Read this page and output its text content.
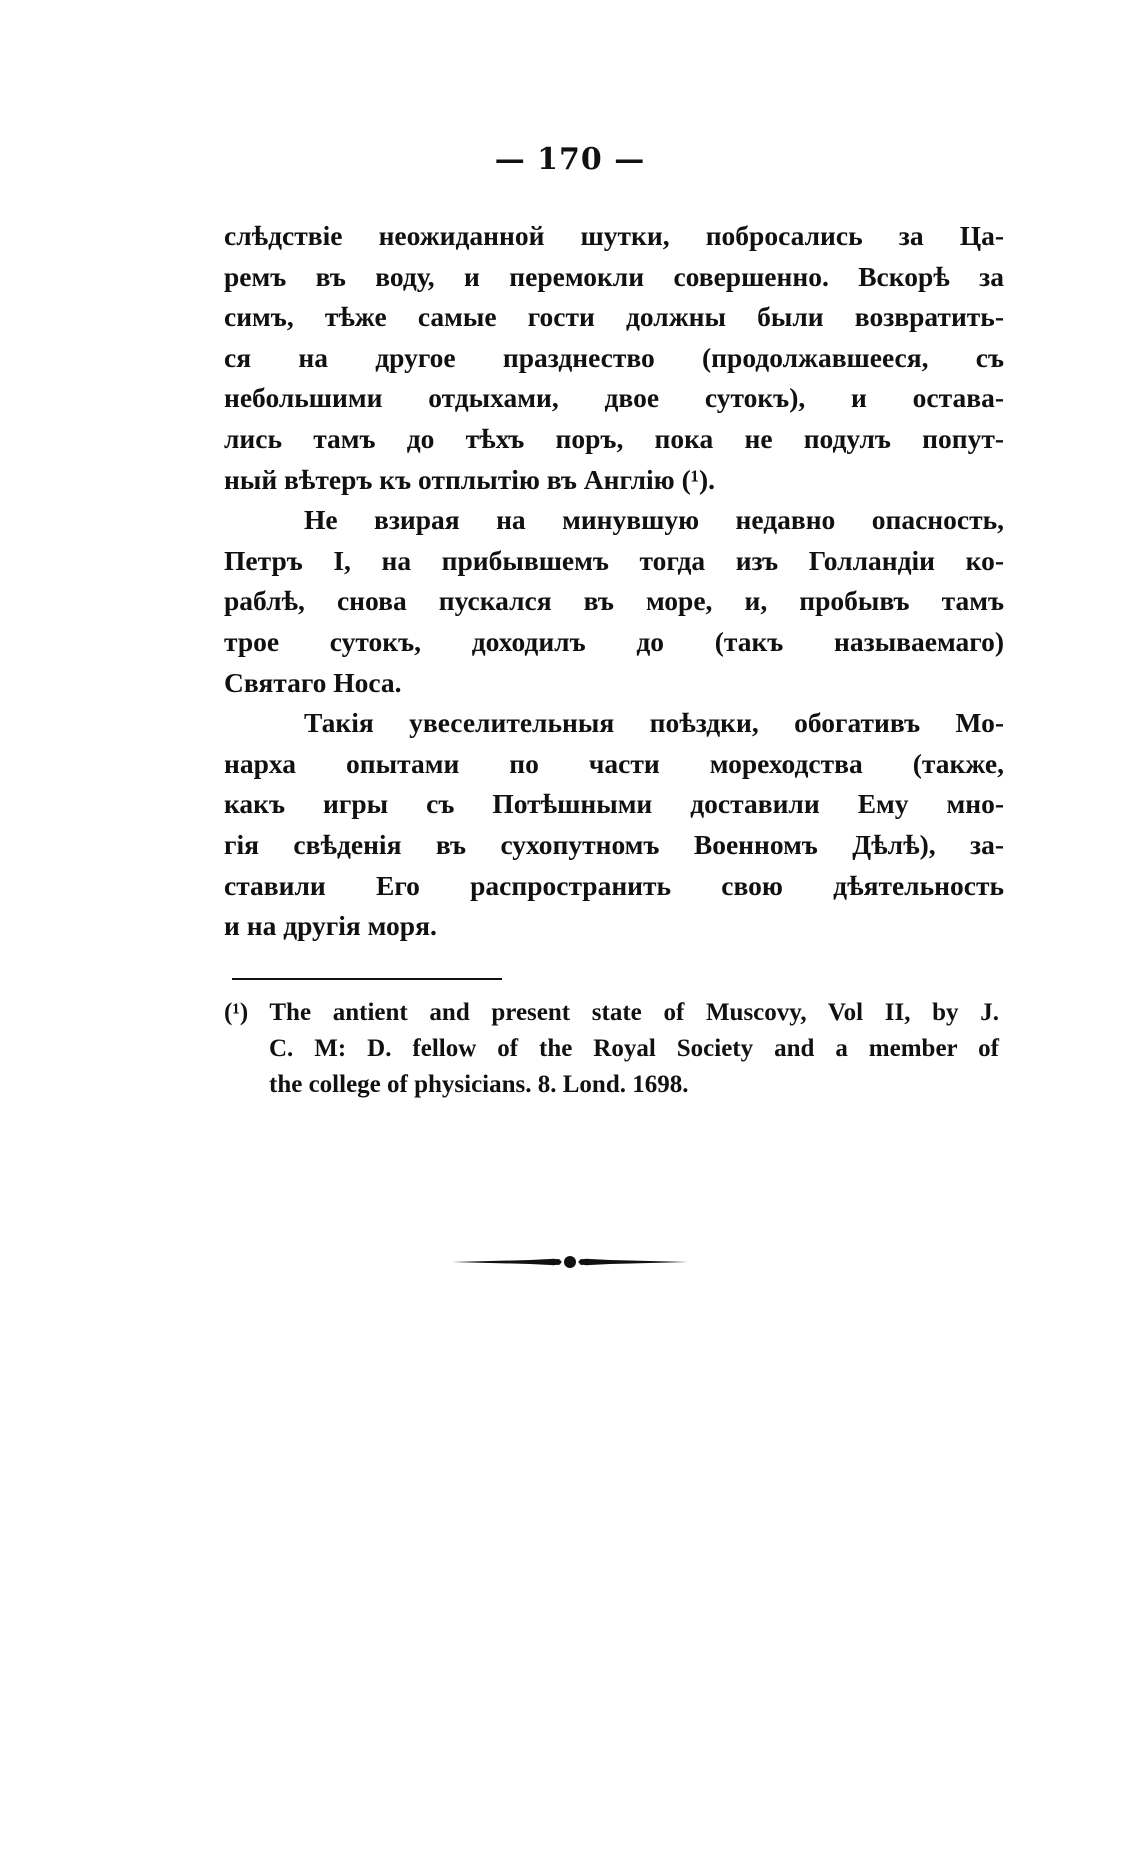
— 170 —
слѣдствіе неожиданной шутки, побросались за Ца-
ремъ въ воду, и перемокли совершенно. Вскорѣ за
симъ, тѣже самые гости должны были возвратить-
ся на другое празднество (продолжавшееся, съ
небольшими отдыхами, двое сутокъ), и остава-
лись тамъ до тѣхъ поръ, пока не подулъ попут-
ный вѣтеръ къ отплытію въ Англію (¹).
Не взирая на минувшую недавно опасность,
Петръ I, на прибывшемъ тогда изъ Голландіи ко-
раблѣ, снова пускался въ море, и, пробывъ тамъ
трое сутокъ, доходилъ до (такъ называемаго)
Святаго Носа.
Такія увеселительныя поѣздки, обогативъ Мо-
нарха опытами по части мореходства (также,
какъ игры съ Потѣшными доставили Ему мно-
гія свѣденія въ сухопутномъ Военномъ Дѣлѣ), за-
ставили Его распространить свою дѣятельность
и на другія моря.
(¹) The antient and present state of Muscovy, Vol II, by J.
C. M: D. fellow of the Royal Society and a member of
the college of physicians. 8. Lond. 1698.
